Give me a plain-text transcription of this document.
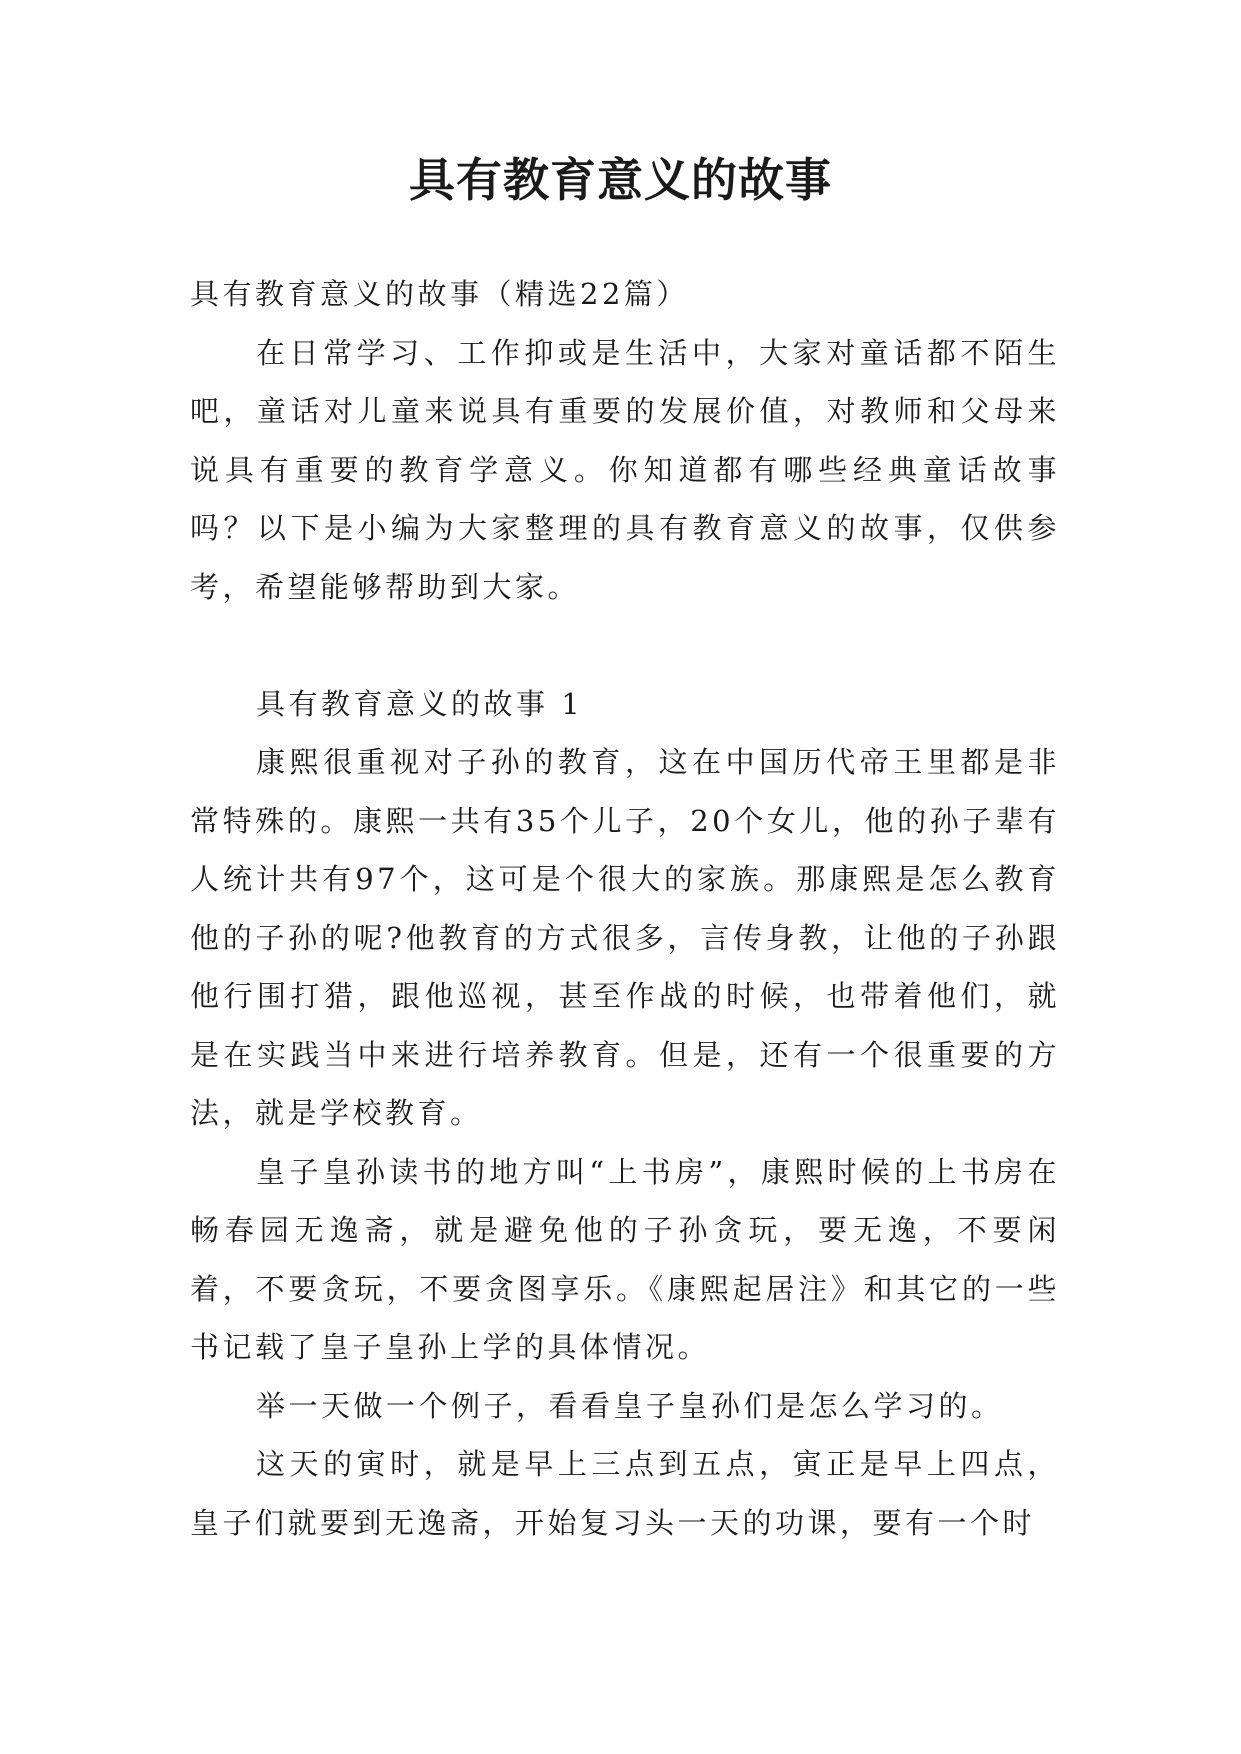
具有教育意义的故事

具有教育意义的故事（精选22篇）

在日常学习、工作抑或是生活中，大家对童话都不陌生吧，童话对儿童来说具有重要的发展价值，对教师和父母来说具有重要的教育学意义。你知道都有哪些经典童话故事吗？以下是小编为大家整理的具有教育意义的故事，仅供参考，希望能够帮助到大家。

具有教育意义的故事 1

康熙很重视对子孙的教育，这在中国历代帝王里都是非常特殊的。康熙一共有35个儿子，20个女儿，他的孙子辈有人统计共有97个，这可是个很大的家族。那康熙是怎么教育他的子孙的呢?他教育的方式很多，言传身教，让他的子孙跟他行围打猎，跟他巡视，甚至作战的时候，也带着他们，就是在实践当中来进行培养教育。但是，还有一个很重要的方法，就是学校教育。

皇子皇孙读书的地方叫“上书房”，康熙时候的上书房在畅春园无逸斋，就是避免他的子孙贪玩，要无逸，不要闲着，不要贪玩，不要贪图享乐。《康熙起居注》和其它的一些书记载了皇子皇孙上学的具体情况。

举一天做一个例子，看看皇子皇孙们是怎么学习的。

这天的寅时，就是早上三点到五点，寅正是早上四点，皇子们就要到无逸斋，开始复习头一天的功课，要有一个时
